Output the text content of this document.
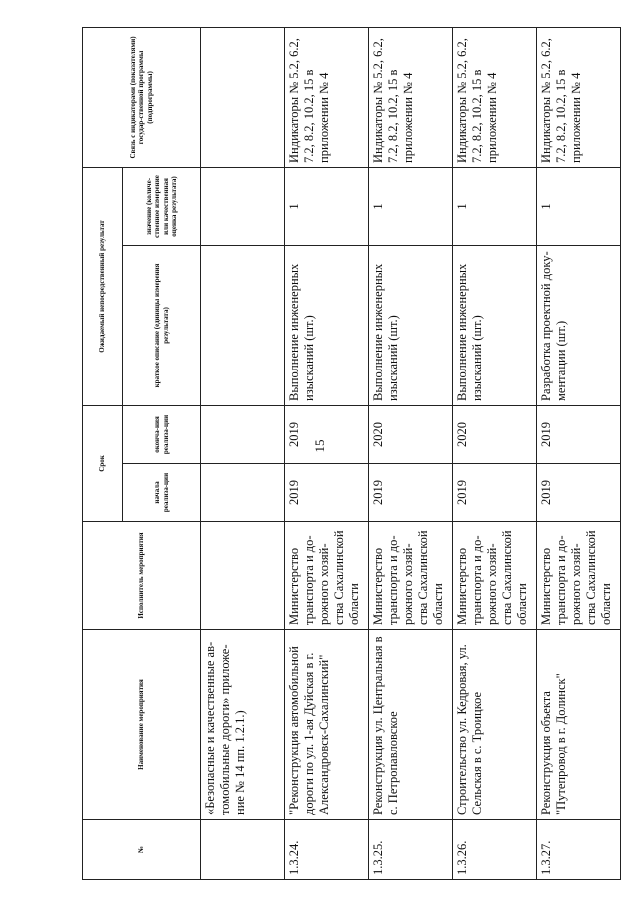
15
№	Наименование мероприятия	Исполнитель мероприятия	Срок		Ожидаемый непосредственный результат		Связь с индикаторами (показателями) государ-ственной программы (подпрограммы)
			начала реализа-ции	оконча-ния реализа-ции	краткое описание (единицы измерения результата)	значение (количе-ственное измерение или качественная оценка результата)	
	«Безопасные и качественные ав-томобильные дороги» приложе-ние № 14 пп. 1.2.1.)						
1.3.24.	"Реконструкция автомобильной дороги по ул. 1-ая Дуйская в г. Александровск-Сахалинский"	Министерство транспорта и до-рожного хозяй-ства Сахалинской области	2019	2019	Выполнение инженерных изысканий (шт.)	1	Индикаторы № 5.2, 6.2, 7.2, 8.2, 10.2, 15 в приложении № 4
1.3.25.	Реконструкция ул. Центральная в с. Петропавловское	Министерство транспорта и до-рожного хозяй-ства Сахалинской области	2019	2020	Выполнение инженерных изысканий (шт.)	1	Индикаторы № 5.2, 6.2, 7.2, 8.2, 10.2, 15 в приложении № 4
1.3.26.	Строительство ул. Кедровая, ул. Сельская в с. Троицкое	Министерство транспорта и до-рожного хозяй-ства Сахалинской области	2019	2020	Выполнение инженерных изысканий (шт.)	1	Индикаторы № 5.2, 6.2, 7.2, 8.2, 10.2, 15 в приложении № 4
1.3.27.	Реконструкция объекта "Путепровод в г. Долинск"	Министерство транспорта и до-рожного хозяй-ства Сахалинской области	2019	2019	Разработка проектной доку-ментации (шт.)	1	Индикаторы № 5.2, 6.2, 7.2, 8.2, 10.2, 15 в приложении № 4
